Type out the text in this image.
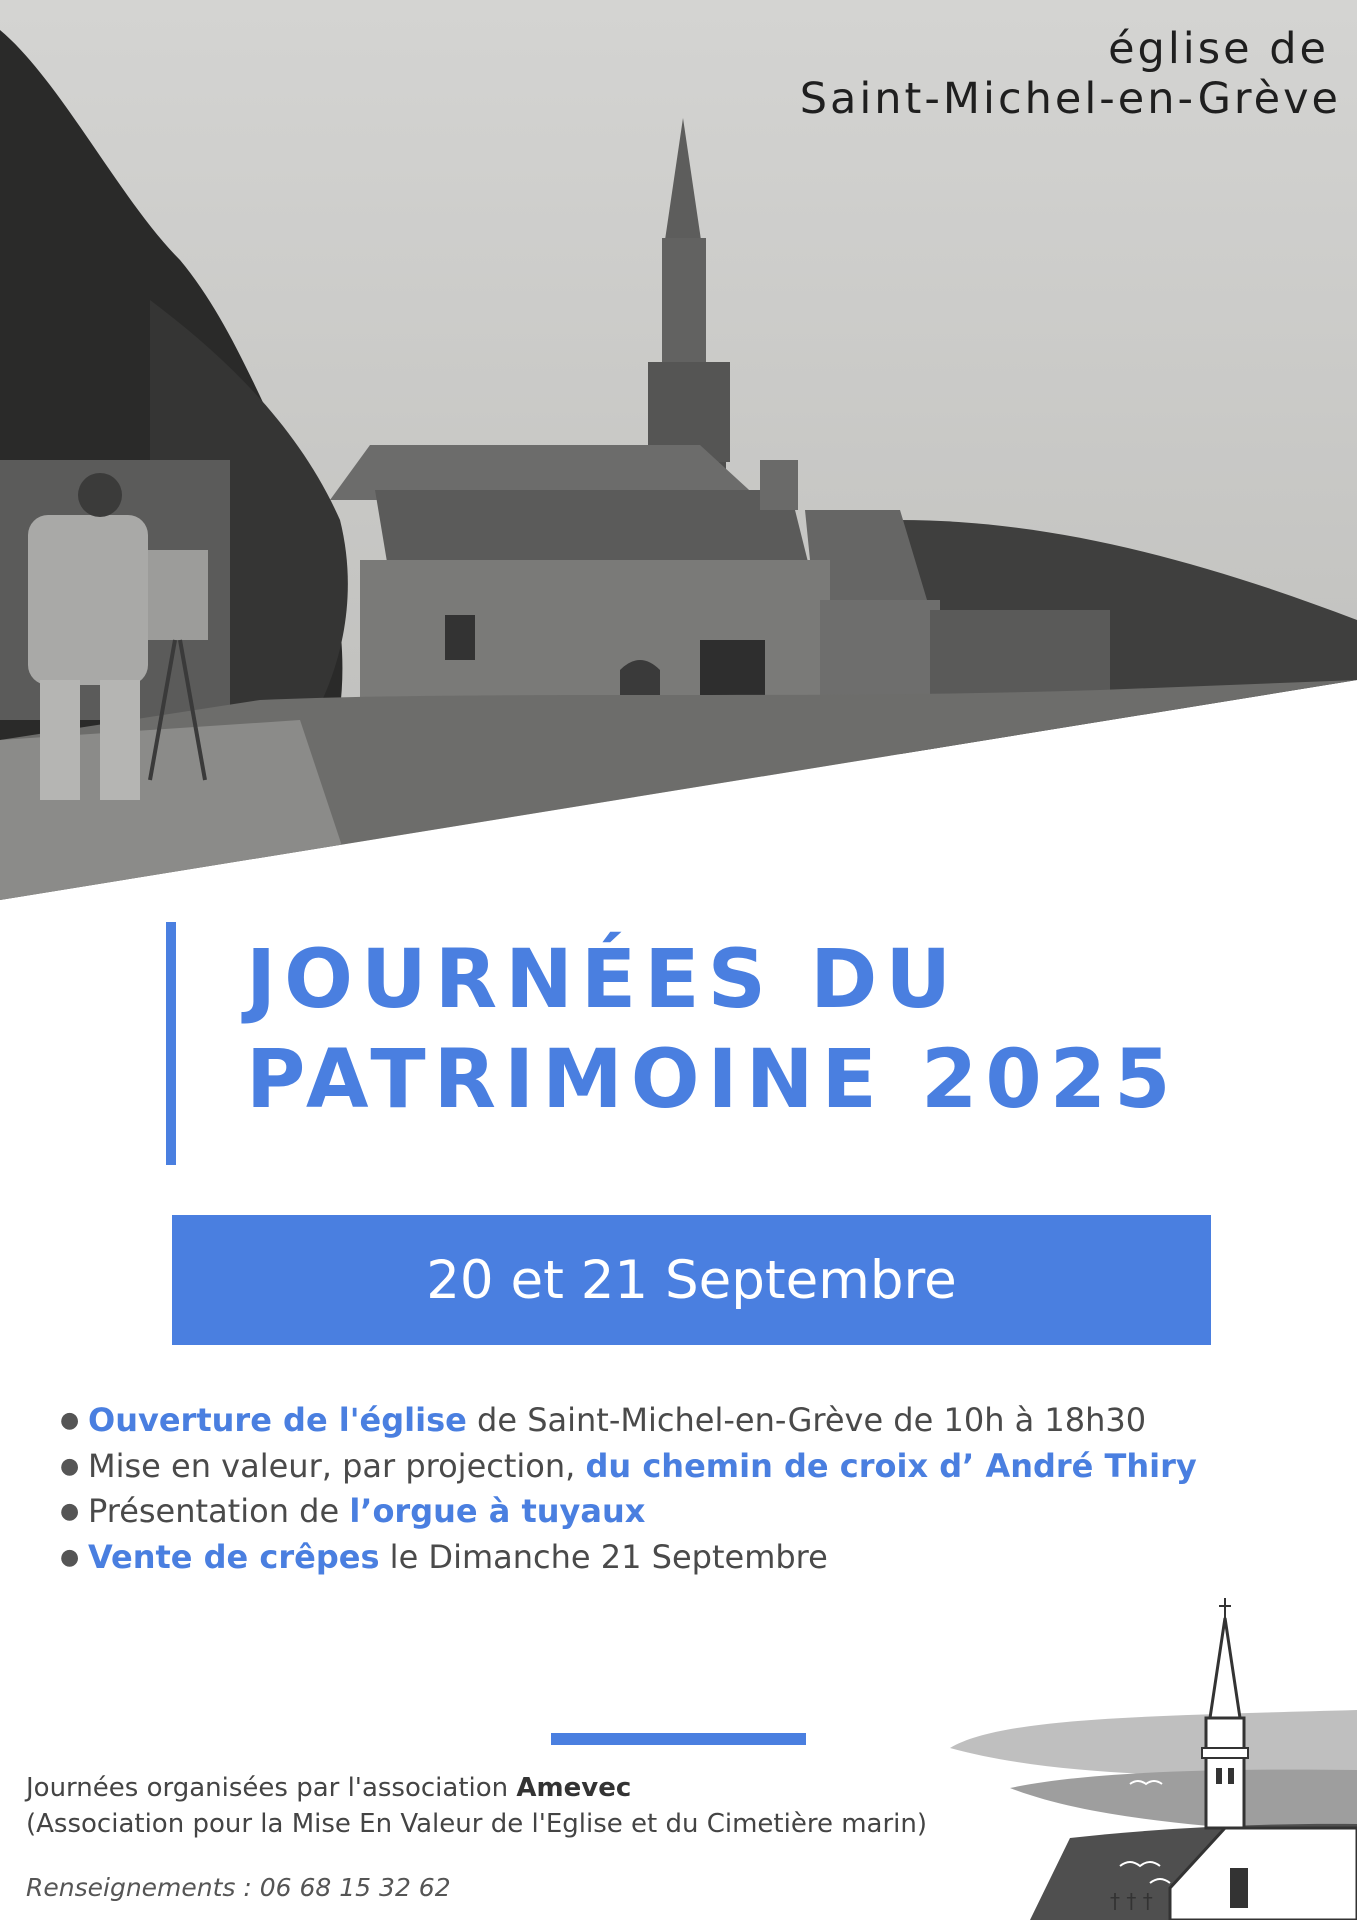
église de
Saint-Michel-en-Grève
JOURNÉES DU
PATRIMOINE 2025
20 et 21 Septembre
● Ouverture de l'église de Saint-Michel-en-Grève de 10h à 18h30
● Mise en valeur, par projection, du chemin de croix d’ André Thiry
● Présentation de l’orgue à tuyaux
● Vente de crêpes le Dimanche 21 Septembre
Journées organisées par l'association Amevec
(Association pour la Mise En Valeur de l'Eglise et du Cimetière marin)
Renseignements : 06 68 15 32 62	† † †
